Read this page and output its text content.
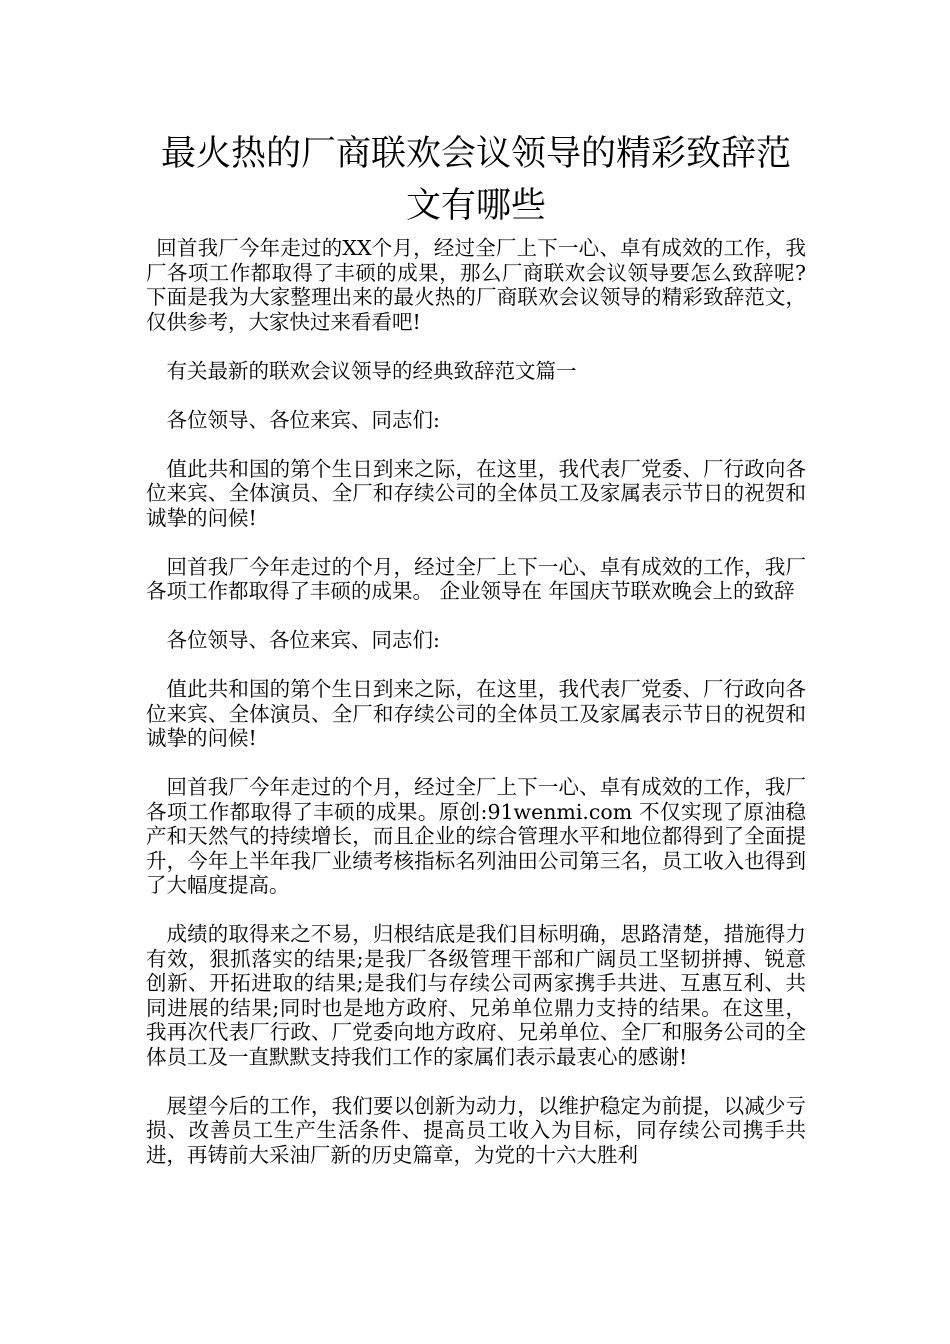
最火热的厂商联欢会议领导的精彩致辞范
文有哪些

回首我厂今年走过的XX个月，经过全厂上下一心、卓有成效的工作，我厂各项工作都取得了丰硕的成果，那么厂商联欢会议领导要怎么致辞呢?下面是我为大家整理出来的最火热的厂商联欢会议领导的精彩致辞范文，仅供参考，大家快过来看看吧!

有关最新的联欢会议领导的经典致辞范文篇一

各位领导、各位来宾、同志们:

值此共和国的第个生日到来之际，在这里，我代表厂党委、厂行政向各位来宾、全体演员、全厂和存续公司的全体员工及家属表示节日的祝贺和诚挚的问候!

回首我厂今年走过的个月，经过全厂上下一心、卓有成效的工作，我厂各项工作都取得了丰硕的成果。 企业领导在 年国庆节联欢晚会上的致辞

各位领导、各位来宾、同志们:

值此共和国的第个生日到来之际，在这里，我代表厂党委、厂行政向各位来宾、全体演员、全厂和存续公司的全体员工及家属表示节日的祝贺和诚挚的问候!

回首我厂今年走过的个月，经过全厂上下一心、卓有成效的工作，我厂各项工作都取得了丰硕的成果。原创:91wenmi.com 不仅实现了原油稳产和天然气的持续增长，而且企业的综合管理水平和地位都得到了全面提升，今年上半年我厂业绩考核指标名列油田公司第三名，员工收入也得到了大幅度提高。

成绩的取得来之不易，归根结底是我们目标明确，思路清楚，措施得力有效，狠抓落实的结果;是我厂各级管理干部和广阔员工坚韧拼搏、锐意创新、开拓进取的结果;是我们与存续公司两家携手共进、互惠互利、共同进展的结果;同时也是地方政府、兄弟单位鼎力支持的结果。在这里，我再次代表厂行政、厂党委向地方政府、兄弟单位、全厂和服务公司的全体员工及一直默默支持我们工作的家属们表示最衷心的感谢!

展望今后的工作，我们要以创新为动力，以维护稳定为前提，以减少亏损、改善员工生产生活条件、提高员工收入为目标，同存续公司携手共进，再铸前大采油厂新的历史篇章，为党的十六大胜利
